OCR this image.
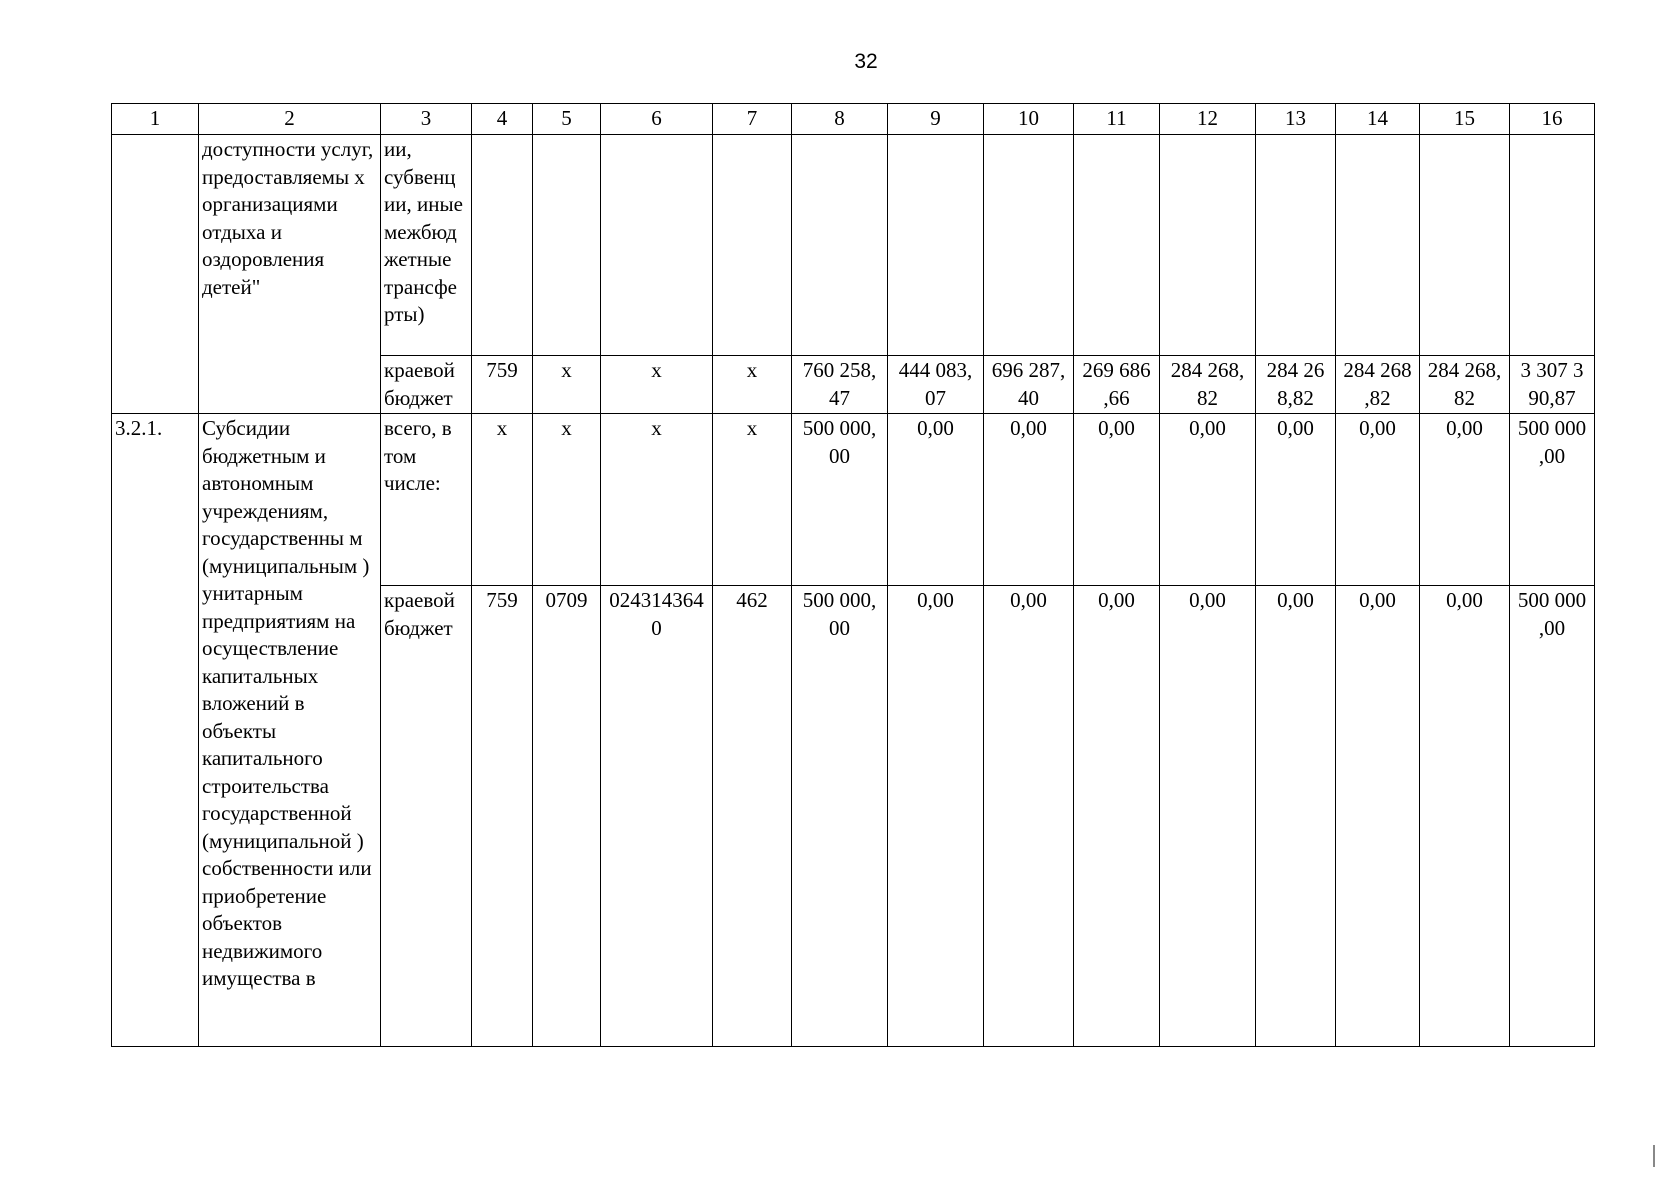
32
1	2	3	4	5	6	7	8	9	10	11	12	13	14	15	16
	доступности услуг, предоставляемы х организациями отдыха и оздоровления детей"	ии, субвенц ии, иные межбюд жетные трансфе рты)													
		краевой бюджет	759	x	x	x	760 258, 47	444 083, 07	696 287, 40	269 686 ,66	284 268, 82	284 26 8,82	284 268 ,82	284 268, 82	3 307 3 90,87
3.2.1.	Субсидии бюджетным и автономным учреждениям, государственны м (муниципальным ) унитарным предприятиям на осуществление капитальных вложений в объекты капитального строительства государственной (муниципальной ) собственности или приобретение объектов недвижимого имущества в	всего, в том числе:	x	x	x	x	500 000, 00	0,00	0,00	0,00	0,00	0,00	0,00	0,00	500 000 ,00
		краевой бюджет	759	0709	024314364 0	462	500 000, 00	0,00	0,00	0,00	0,00	0,00	0,00	0,00	500 000 ,00
